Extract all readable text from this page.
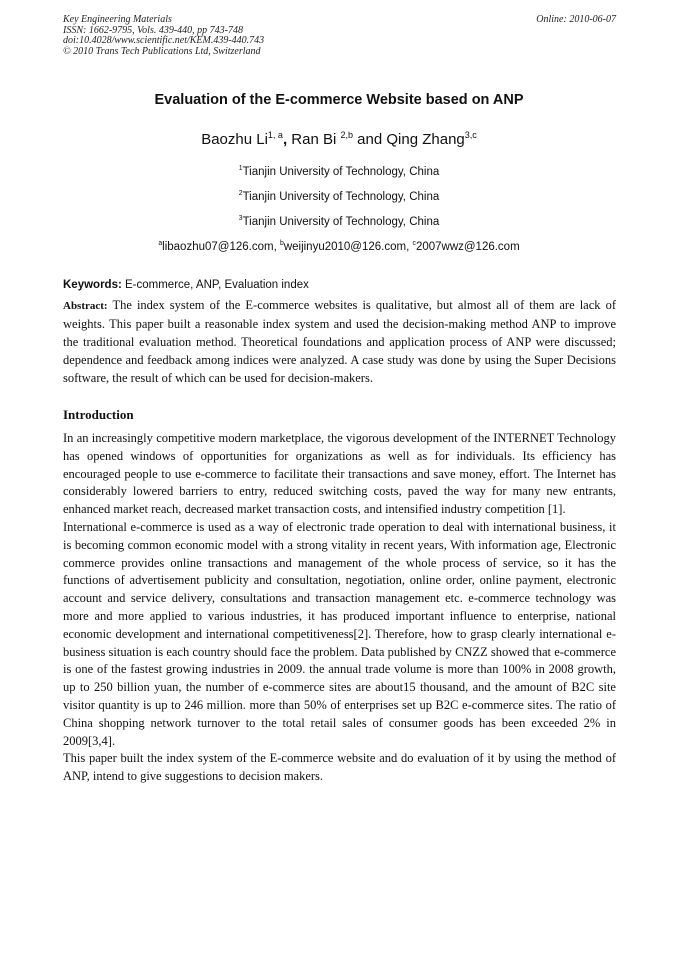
Key Engineering Materials
ISSN: 1662-9795, Vols. 439-440, pp 743-748
doi:10.4028/www.scientific.net/KEM.439-440.743
© 2010 Trans Tech Publications Ltd, Switzerland
Online: 2010-06-07
Evaluation of the E-commerce Website based on ANP
Baozhu Li$^{1, a}$, Ran Bi $^{2,b}$ and Qing Zhang$^{3,c}$
$^1$Tianjin University of Technology, China
$^2$Tianjin University of Technology, China
$^3$Tianjin University of Technology, China
$^a$libaozhu07@126.com, $^b$weijinyu2010@126.com, $^c$2007wwz@126.com
Keywords: E-commerce, ANP, Evaluation index

Abstract: The index system of the E-commerce websites is qualitative, but almost all of them are lack of weights. This paper built a reasonable index system and used the decision-making method ANP to improve the traditional evaluation method. Theoretical foundations and application process of ANP were discussed; dependence and feedback among indices were analyzed. A case study was done by using the Super Decisions software, the result of which can be used for decision-makers.

Introduction

In an increasingly competitive modern marketplace, the vigorous development of the INTERNET Technology has opened windows of opportunities for organizations as well as for individuals. Its efficiency has encouraged people to use e-commerce to facilitate their transactions and save money, effort. The Internet has considerably lowered barriers to entry, reduced switching costs, paved the way for many new entrants, enhanced market reach, decreased market transaction costs, and intensified industry competition [1].

International e-commerce is used as a way of electronic trade operation to deal with international business, it is becoming common economic model with a strong vitality in recent years, With information age, Electronic commerce provides online transactions and management of the whole process of service, so it has the functions of advertisement publicity and consultation, negotiation, online order, online payment, electronic account and service delivery, consultations and transaction management etc. e-commerce technology was more and more applied to various industries, it has produced important influence to enterprise, national economic development and international competitiveness[2]. Therefore, how to grasp clearly international e-business situation is each country should face the problem. Data published by CNZZ showed that e-commerce is one of the fastest growing industries in 2009. the annual trade volume is more than 100% in 2008 growth, up to 250 billion yuan, the number of e-commerce sites are about15 thousand, and the amount of B2C site visitor quantity is up to 246 million. more than 50% of enterprises set up B2C e-commerce sites. The ratio of China shopping network turnover to the total retail sales of consumer goods has been exceeded 2% in 2009[3,4].

This paper built the index system of the E-commerce website and do evaluation of it by using the method of ANP, intend to give suggestions to decision makers.
